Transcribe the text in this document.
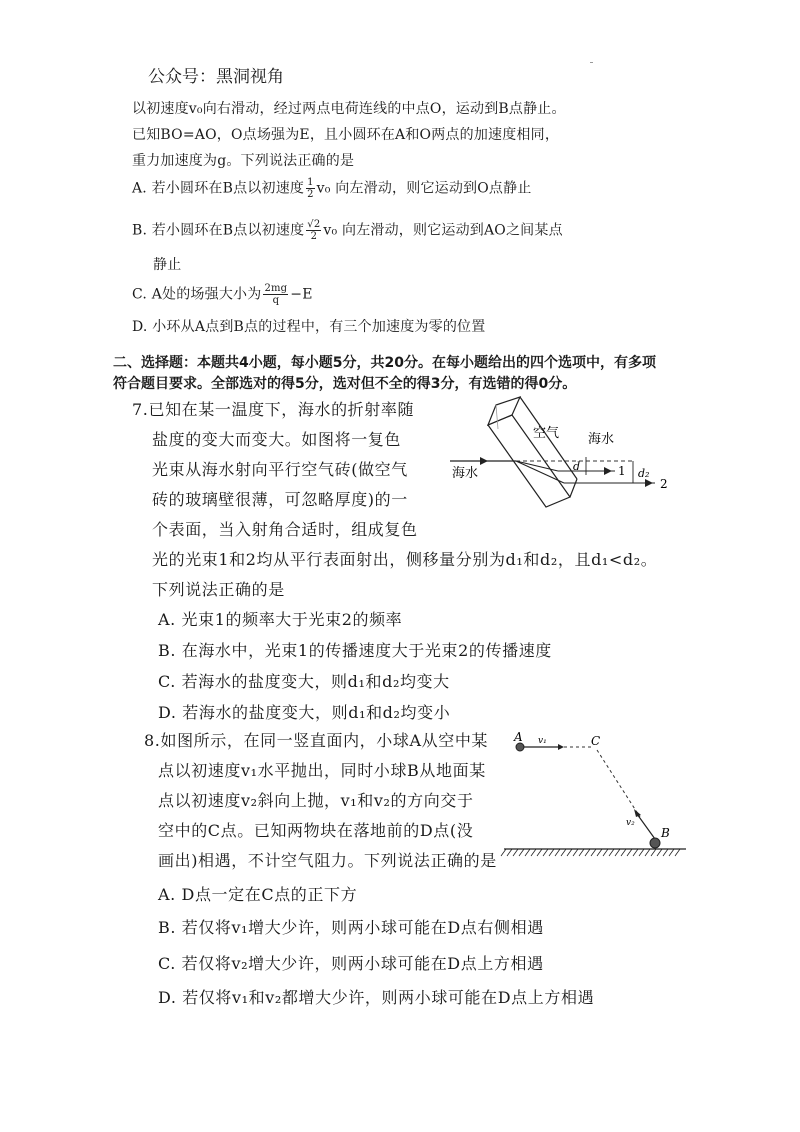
公众号：黑洞视角
以初速度v₀向右滑动，经过两点电荷连线的中点O，运动到B点静止。
已知BO=AO，O点场强为E，且小圆环在A和O两点的加速度相同，
重力加速度为g。下列说法正确的是
A. 若小圆环在B点以初速度 $\frac{1}{2} v_0$ 向左滑动，则它运动到O点静止
B. 若小圆环在B点以初速度 $\frac{√2}{2} v_0$ 向左滑动，则它运动到AO之间某点
静止
C. A处的场强大小为 $\frac{2mg}{q} -E$
D. 小环从A点到B点的过程中，有三个加速度为零的位置
二、选择题：本题共4小题，每小题5分，共20分。在每小题给出的四个选项中，有多项
符合题目要求。全部选对的得5分，选对但不全的得3分，有选错的得0分。
7.已知在某一温度下，海水的折射率随
盐度的变大而变大。如图将一复色
光束从海水射向平行空气砖(做空气
砖的玻璃壁很薄，可忽略厚度)的一
个表面，当入射角合适时，组成复色
光的光束1和2均从平行表面射出，侧移量分别为d₁和d₂，且d₁<d₂。
下列说法正确的是
A. 光束1的频率大于光束2的频率
B. 在海水中，光束1的传播速度大于光束2的传播速度
C. 若海水的盐度变大，则d₁和d₂均变大
D. 若海水的盐度变大，则d₁和d₂均变小
空气 海水
海水	1
2
d
d₂
8.如图所示，在同一竖直面内，小球A从空中某
点以初速度v₁水平抛出，同时小球B从地面某
点以初速度v₂斜向上抛，v₁和v₂的方向交于
空中的C点。已知两物块在落地前的D点(没
画出)相遇，不计空气阻力。下列说法正确的是
A. D点一定在C点的正下方
B. 若仅将v₁增大少许，则两小球可能在D点右侧相遇
C. 若仅将v₂增大少许，则两小球可能在D点上方相遇
D. 若仅将v₁和v₂都增大少许，则两小球可能在D点上方相遇
A v₁	C
v₂
B
